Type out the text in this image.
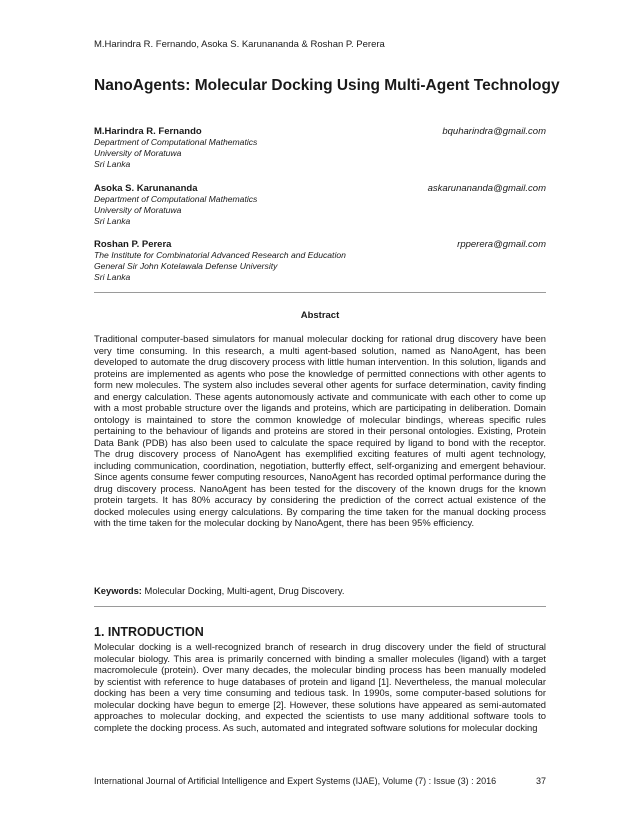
M.Harindra R. Fernando, Asoka S. Karunananda & Roshan P. Perera
NanoAgents: Molecular Docking Using Multi-Agent Technology
M.Harindra R. Fernando	bquharindra@gmail.com
Department of Computational Mathematics
University of Moratuwa
Sri Lanka
Asoka S. Karunananda	askarunananda@gmail.com
Department of Computational Mathematics
University of Moratuwa
Sri Lanka
Roshan P. Perera	rpperera@gmail.com
The Institute for Combinatorial Advanced Research and Education
General Sir John Kotelawala Defense University
Sri Lanka
Abstract

Traditional computer-based simulators for manual molecular docking for rational drug discovery have been very time consuming. In this research, a multi agent-based solution, named as NanoAgent, has been developed to automate the drug discovery process with little human intervention. In this solution, ligands and proteins are implemented as agents who pose the knowledge of permitted connections with other agents to form new molecules. The system also includes several other agents for surface determination, cavity finding and energy calculation. These agents autonomously activate and communicate with each other to come up with a most probable structure over the ligands and proteins, which are participating in deliberation. Domain ontology is maintained to store the common knowledge of molecular bindings, whereas specific rules pertaining to the behaviour of ligands and proteins are stored in their personal ontologies. Existing, Protein Data Bank (PDB) has also been used to calculate the space required by ligand to bond with the receptor. The drug discovery process of NanoAgent has exemplified exciting features of multi agent technology, including communication, coordination, negotiation, butterfly effect, self-organizing and emergent behaviour. Since agents consume fewer computing resources, NanoAgent has recorded optimal performance during the drug discovery process. NanoAgent has been tested for the discovery of the known drugs for the known protein targets. It has 80% accuracy by considering the prediction of the correct actual existence of the docked molecules using energy calculations. By comparing the time taken for the manual docking process with the time taken for the molecular docking by NanoAgent, there has been 95% efficiency.

Keywords: Molecular Docking, Multi-agent, Drug Discovery.
1. INTRODUCTION

Molecular docking is a well-recognized branch of research in drug discovery under the field of structural molecular biology. This area is primarily concerned with binding a smaller molecules (ligand) with a target macromolecule (protein). Over many decades, the molecular binding process has been manually modeled by scientist with reference to huge databases of protein and ligand [1]. Nevertheless, the manual molecular docking has been a very time consuming and tedious task. In 1990s, some computer-based solutions for molecular docking have begun to emerge [2]. However, these solutions have appeared as semi-automated approaches to molecular docking, and expected the scientists to use many additional software tools to complete the docking process. As such, automated and integrated software solutions for molecular docking

International Journal of Artificial Intelligence and Expert Systems (IJAE), Volume (7) : Issue (3) : 2016	37
